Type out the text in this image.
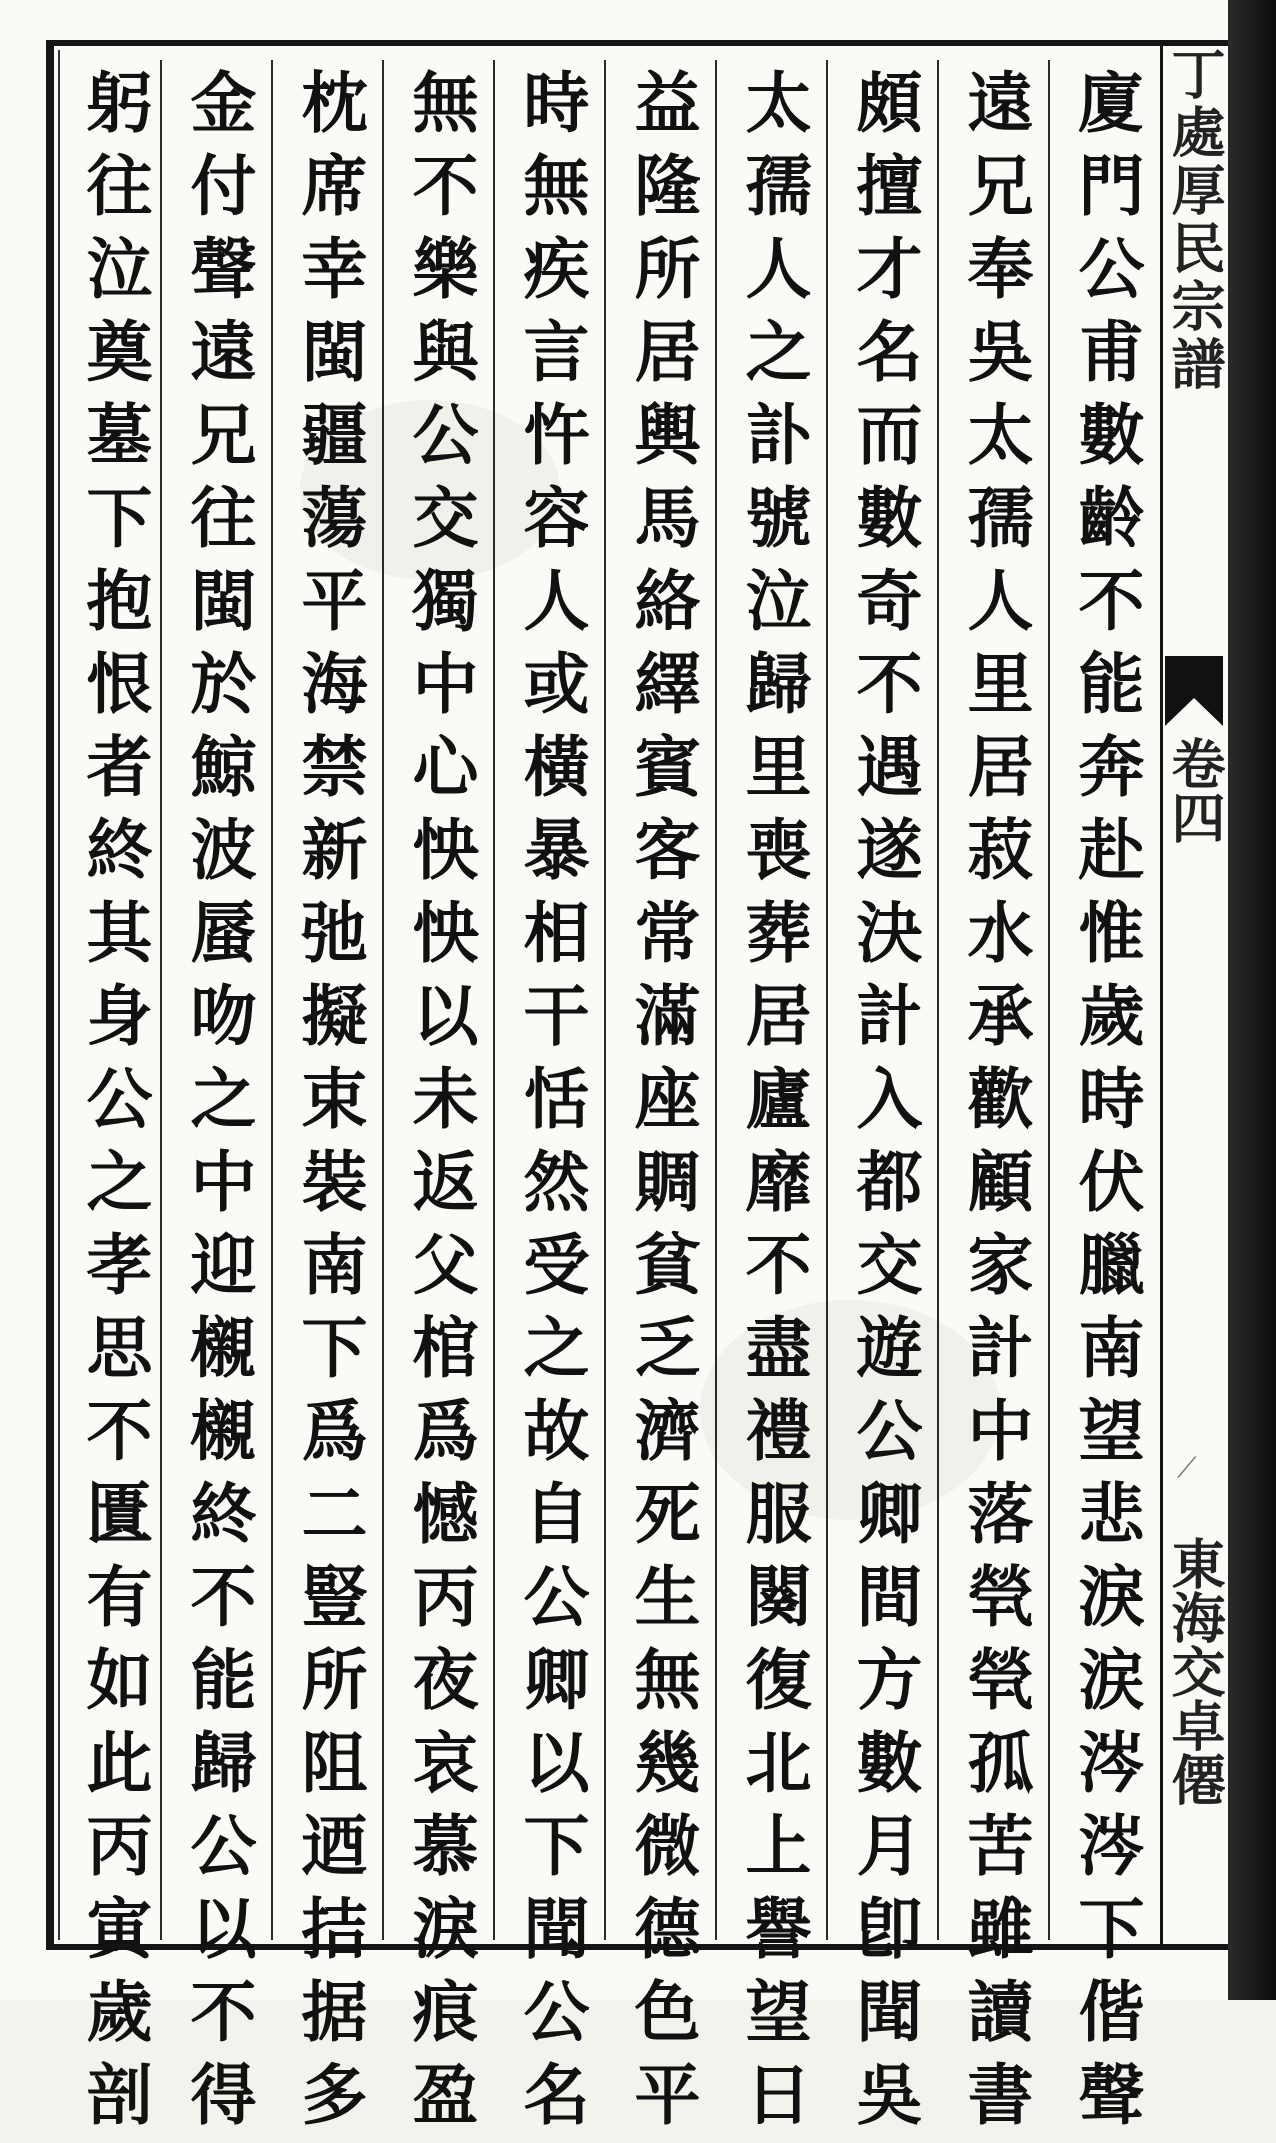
丁處厚民宗譜
卷四
⟋
東海交卓僊
廈門公甫數齡不能奔赴惟歲時伏臘南望悲淚涙涔涔下偕聲
遠兄奉吳太孺人里居菽水承歡顧家計中落煢煢孤苦雖讀書
頗擅才名而數奇不遇遂決計入都交遊公卿間方數月卽聞吳
太孺人之訃號泣歸里喪葬居廬靡不盡禮服闋復北上譽望日
益隆所居輿馬絡繹賓客常滿座賙貧乏濟死生無幾微德色平
時無疾言忤容人或橫暴相干恬然受之故自公卿以下聞公名
無不樂與公交獨中心怏怏以未返父棺爲憾丙夜哀慕淚痕盈
枕席幸閩疆蕩平海禁新弛擬束裝南下爲二豎所阻迺拮据多
金付聲遠兄往閩於鯨波蜃吻之中迎櫬櫬終不能歸公以不得
躬往泣奠墓下抱恨者終其身公之孝思不匱有如此丙寅歲剖
